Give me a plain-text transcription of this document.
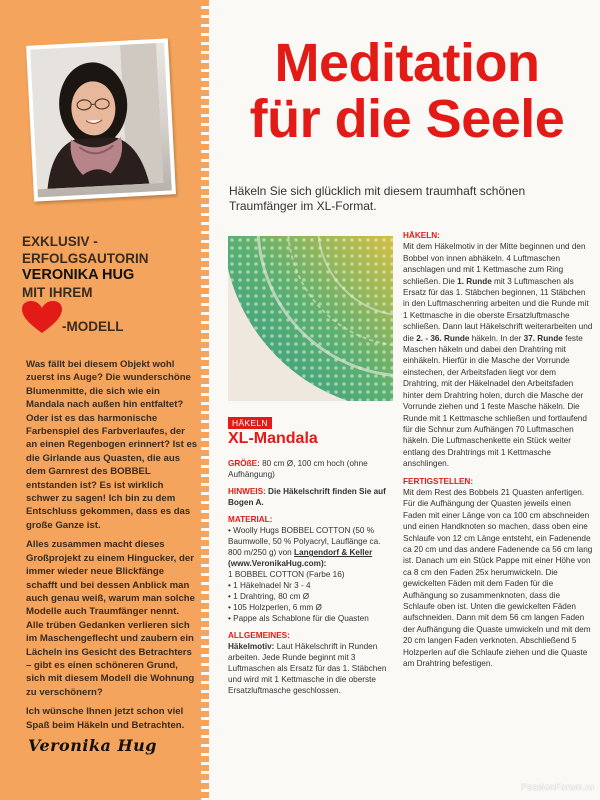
EXKLUSIV -
ERFOLGSAUTORIN
VERONIKA HUG
MIT IHREM
-MODELL

Was fällt bei diesem Objekt wohl zuerst ins Auge? Die wunderschöne Blumenmitte, die sich wie ein Mandala nach außen hin entfaltet? Oder ist es das harmonische Farbenspiel des Farbverlaufes, der an einen Regenbogen erinnert? Ist es die Girlande aus Quasten, die aus dem Garnrest des BOBBEL entstanden ist? Es ist wirklich schwer zu sagen! Ich bin zu dem Entschluss gekommen, dass es das große Ganze ist.

Alles zusammen macht dieses Großprojekt zu einem Hingucker, der immer wieder neue Blickfänge schafft und bei dessen Anblick man auch genau weiß, warum man solche Modelle auch Traumfänger nennt. Alle trüben Gedanken verlieren sich im Maschengeflecht und zaubern ein Lächeln ins Gesicht des Betrachters – gibt es einen schöneren Grund, sich mit diesem Modell die Wohnung zu verschönern?

Ich wünsche Ihnen jetzt schon viel Spaß beim Häkeln und Betrachten.

Veronika Hug
Meditation
für die Seele
Häkeln Sie sich glücklich mit diesem traumhaft schönen Traumfänger im XL-Format.
HÄKELN
XL-Mandala

GRÖßE: 80 cm Ø, 100 cm hoch (ohne Aufhängung)

HINWEIS: Die Häkelschrift finden Sie auf Bogen A.

MATERIAL:
• Woolly Hugs BOBBEL COTTON (50 % Baumwolle, 50 % Polyacryl, Lauflänge ca. 800 m/250 g) von Langendorf & Keller
(www.VeronikaHug.com):
1 BOBBEL COTTON (Farbe 16)
• 1 Häkelnadel Nr 3 - 4
• 1 Drahtring, 80 cm Ø
• 105 Holzperlen, 6 mm Ø
• Pappe als Schablone für die Quasten

ALLGEMEINES:
Häkelmotiv: Laut Häkelschrift in Runden arbeiten. Jede Runde beginnt mit 3 Luftmaschen als Ersatz für das 1. Stäbchen und wird mit 1 Kettmasche in die oberste Ersatzluftmasche geschlossen.

HÄKELN:
Mit dem Häkelmotiv in der Mitte beginnen und den Bobbel von innen abhäkeln. 4 Luftmaschen anschlagen und mit 1 Kettmasche zum Ring schließen. Die 1. Runde mit 3 Luftmaschen als Ersatz für das 1. Stäbchen beginnen, 11 Stäbchen in den Luftmaschenring arbeiten und die Runde mit 1 Kettmasche in die oberste Ersatzluftmasche schließen. Dann laut Häkelschrift weiterarbeiten und die 2. - 36. Runde häkeln. In der 37. Runde feste Maschen häkeln und dabei den Drahtring mit einhäkeln. Hierfür in die Masche der Vorrunde einstechen, der Arbeitsfaden liegt vor dem Drahtring, mit der Häkelnadel den Arbeitsfaden hinter dem Drahtring holen, durch die Masche der Vorrunde ziehen und 1 feste Masche häkeln. Die Runde mit 1 Kettmasche schließen und fortlaufend für die Schnur zum Aufhängen 70 Luftmaschen häkeln. Die Luftmaschenkette ein Stück weiter entlang des Drahtrings mit 1 Kettmasche anschlingen.

FERTIGSTELLEN:
Mit dem Rest des Bobbels 21 Quasten anfertigen. Für die Aufhängung der Quasten jeweils einen Faden mit einer Länge von ca 100 cm abschneiden und einen Handknoten so machen, dass oben eine Schlaufe von 12 cm Länge entsteht, ein Fadenende ca 20 cm und das andere Fadenende ca 56 cm lang ist. Danach um ein Stück Pappe mit einer Höhe von ca 8 cm den Faden 25x herumwickeln. Die gewickelten Fäden mit dem Faden für die Aufhängung so zusammenknoten, dass die Schlaufe oben ist. Unten die gewickelten Fäden aufschneiden. Dann mit dem 56 cm langen Faden der Aufhängung die Quaste umwickeln und mit dem 20 cm langen Faden verknoten. Abschließend 5 Holzperlen auf die Schlaufe ziehen und die Quaste am Drahtring befestigen.

PassionForum.ru
